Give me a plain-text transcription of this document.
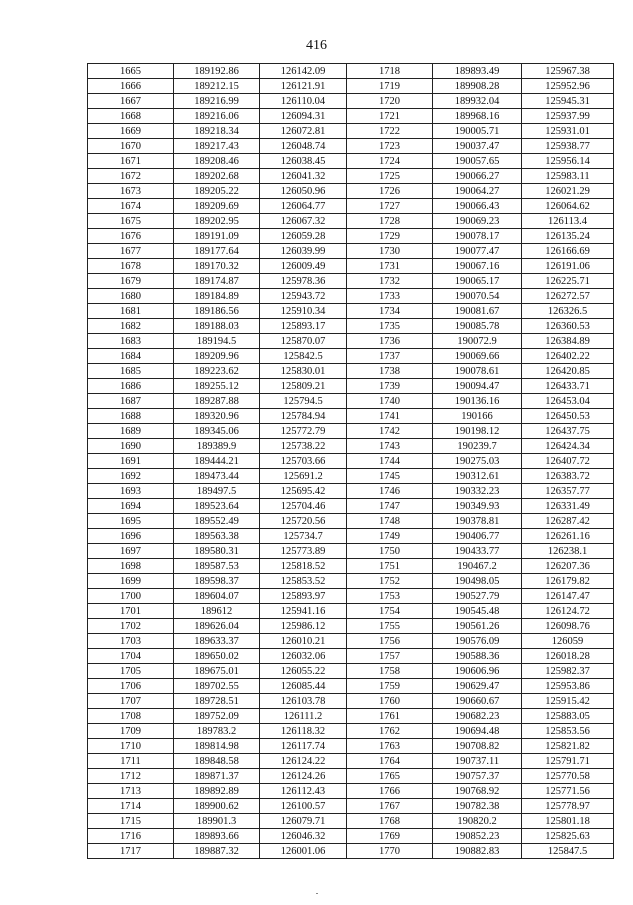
416
1665	189192.86	126142.09	1718	189893.49	125967.38
1666	189212.15	126121.91	1719	189908.28	125952.96
1667	189216.99	126110.04	1720	189932.04	125945.31
1668	189216.06	126094.31	1721	189968.16	125937.99
1669	189218.34	126072.81	1722	190005.71	125931.01
1670	189217.43	126048.74	1723	190037.47	125938.77
1671	189208.46	126038.45	1724	190057.65	125956.14
1672	189202.68	126041.32	1725	190066.27	125983.11
1673	189205.22	126050.96	1726	190064.27	126021.29
1674	189209.69	126064.77	1727	190066.43	126064.62
1675	189202.95	126067.32	1728	190069.23	126113.4
1676	189191.09	126059.28	1729	190078.17	126135.24
1677	189177.64	126039.99	1730	190077.47	126166.69
1678	189170.32	126009.49	1731	190067.16	126191.06
1679	189174.87	125978.36	1732	190065.17	126225.71
1680	189184.89	125943.72	1733	190070.54	126272.57
1681	189186.56	125910.34	1734	190081.67	126326.5
1682	189188.03	125893.17	1735	190085.78	126360.53
1683	189194.5	125870.07	1736	190072.9	126384.89
1684	189209.96	125842.5	1737	190069.66	126402.22
1685	189223.62	125830.01	1738	190078.61	126420.85
1686	189255.12	125809.21	1739	190094.47	126433.71
1687	189287.88	125794.5	1740	190136.16	126453.04
1688	189320.96	125784.94	1741	190166	126450.53
1689	189345.06	125772.79	1742	190198.12	126437.75
1690	189389.9	125738.22	1743	190239.7	126424.34
1691	189444.21	125703.66	1744	190275.03	126407.72
1692	189473.44	125691.2	1745	190312.61	126383.72
1693	189497.5	125695.42	1746	190332.23	126357.77
1694	189523.64	125704.46	1747	190349.93	126331.49
1695	189552.49	125720.56	1748	190378.81	126287.42
1696	189563.38	125734.7	1749	190406.77	126261.16
1697	189580.31	125773.89	1750	190433.77	126238.1
1698	189587.53	125818.52	1751	190467.2	126207.36
1699	189598.37	125853.52	1752	190498.05	126179.82
1700	189604.07	125893.97	1753	190527.79	126147.47
1701	189612	125941.16	1754	190545.48	126124.72
1702	189626.04	125986.12	1755	190561.26	126098.76
1703	189633.37	126010.21	1756	190576.09	126059
1704	189650.02	126032.06	1757	190588.36	126018.28
1705	189675.01	126055.22	1758	190606.96	125982.37
1706	189702.55	126085.44	1759	190629.47	125953.86
1707	189728.51	126103.78	1760	190660.67	125915.42
1708	189752.09	126111.2	1761	190682.23	125883.05
1709	189783.2	126118.32	1762	190694.48	125853.56
1710	189814.98	126117.74	1763	190708.82	125821.82
1711	189848.58	126124.22	1764	190737.11	125791.71
1712	189871.37	126124.26	1765	190757.37	125770.58
1713	189892.89	126112.43	1766	190768.92	125771.56
1714	189900.62	126100.57	1767	190782.38	125778.97
1715	189901.3	126079.71	1768	190820.2	125801.18
1716	189893.66	126046.32	1769	190852.23	125825.63
1717	189887.32	126001.06	1770	190882.83	125847.5
